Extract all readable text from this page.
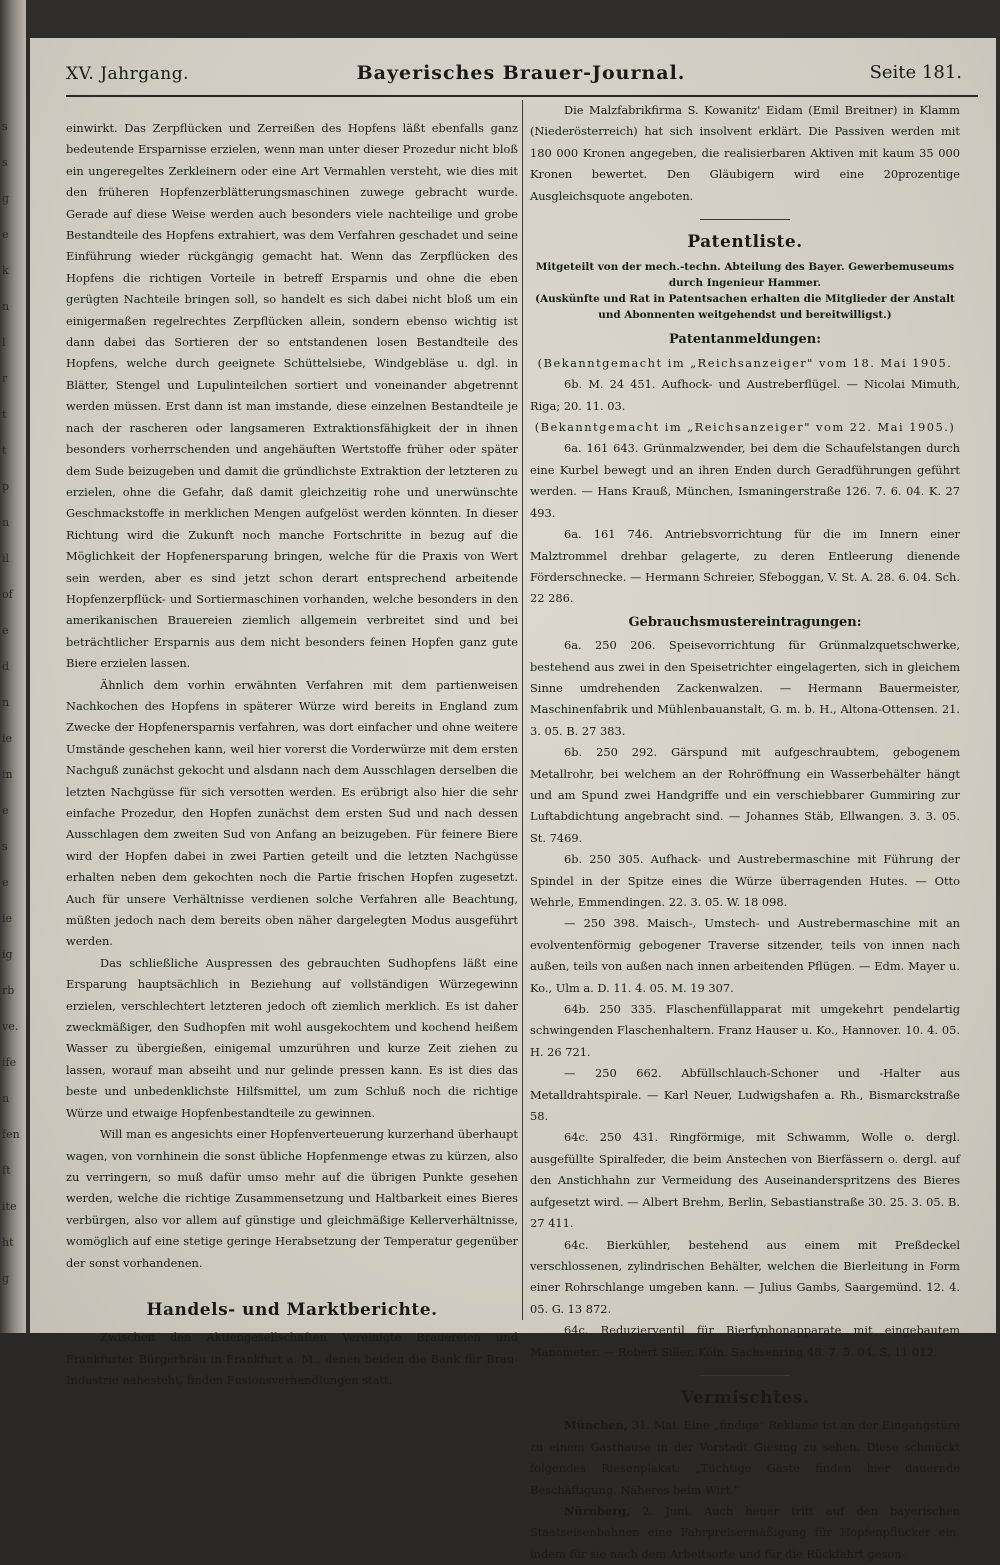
s
s
g
e
k
n
l
r
t
t
p
n
il
of
e
d
n
ie
in
e
s
e
ie
ig
rb
ve.
ife
n
fen
ft
ite
ht
g
XV. Jahrgang.	Bayerisches Brauer-Journal.	Seite 181.

einwirkt. Das Zerpflücken und Zerreißen des Hopfens läßt ebenfalls ganz bedeutende Ersparnisse erzielen, wenn man unter dieser Prozedur nicht bloß ein ungeregeltes Zerkleinern oder eine Art Vermahlen versteht, wie dies mit den früheren Hopfenzerblätterungsmaschinen zuwege gebracht wurde. Gerade auf diese Weise werden auch besonders viele nachteilige und grobe Bestandteile des Hopfens extrahiert, was dem Verfahren geschadet und seine Einführung wieder rückgängig gemacht hat. Wenn das Zerpflücken des Hopfens die richtigen Vorteile in betreff Ersparnis und ohne die eben gerügten Nachteile bringen soll, so handelt es sich dabei nicht bloß um ein einigermaßen regelrechtes Zerpflücken allein, sondern ebenso wichtig ist dann dabei das Sortieren der so entstandenen losen Bestandteile des Hopfens, welche durch geeignete Schüttelsiebe, Windgebläse u. dgl. in Blätter, Stengel und Lupulinteilchen sortiert und voneinander abgetrennt werden müssen. Erst dann ist man imstande, diese einzelnen Bestandteile je nach der rascheren oder langsameren Extraktionsfähigkeit der in ihnen besonders vorherrschenden und angehäuften Wertstoffe früher oder später dem Sude beizugeben und damit die gründlichste Extraktion der letzteren zu erzielen, ohne die Gefahr, daß damit gleichzeitig rohe und unerwünschte Geschmackstoffe in merklichen Mengen aufgelöst werden könnten. In dieser Richtung wird die Zukunft noch manche Fortschritte in bezug auf die Möglichkeit der Hopfenersparung bringen, welche für die Praxis von Wert sein werden, aber es sind jetzt schon derart entsprechend arbeitende Hopfenzerpflück- und Sortiermaschinen vorhanden, welche besonders in den amerikanischen Brauereien ziemlich allgemein verbreitet sind und bei beträchtlicher Ersparnis aus dem nicht besonders feinen Hopfen ganz gute Biere erzielen lassen.

Ähnlich dem vorhin erwähnten Verfahren mit dem partienweisen Nachkochen des Hopfens in späterer Würze wird bereits in England zum Zwecke der Hopfenersparnis verfahren, was dort einfacher und ohne weitere Umstände geschehen kann, weil hier vorerst die Vorderwürze mit dem ersten Nachguß zunächst gekocht und alsdann nach dem Ausschlagen derselben die letzten Nachgüsse für sich versotten werden. Es erübrigt also hier die sehr einfache Prozedur, den Hopfen zunächst dem ersten Sud und nach dessen Ausschlagen dem zweiten Sud von Anfang an beizugeben. Für feinere Biere wird der Hopfen dabei in zwei Partien geteilt und die letzten Nachgüsse erhalten neben dem gekochten noch die Partie frischen Hopfen zugesetzt. Auch für unsere Verhältnisse verdienen solche Verfahren alle Beachtung, müßten jedoch nach dem bereits oben näher dargelegten Modus ausgeführt werden.

Das schließliche Auspressen des gebrauchten Sudhopfens läßt eine Ersparung hauptsächlich in Beziehung auf vollständigen Würzegewinn erzielen, verschlechtert letzteren jedoch oft ziemlich merklich. Es ist daher zweckmäßiger, den Sudhopfen mit wohl ausgekochtem und kochend heißem Wasser zu übergießen, einigemal umzurühren und kurze Zeit ziehen zu lassen, worauf man abseiht und nur gelinde pressen kann. Es ist dies das beste und unbedenklichste Hilfsmittel, um zum Schluß noch die richtige Würze und etwaige Hopfenbestandteile zu gewinnen.

Will man es angesichts einer Hopfenverteuerung kurzerhand überhaupt wagen, von vornhinein die sonst übliche Hopfenmenge etwas zu kürzen, also zu verringern, so muß dafür umso mehr auf die übrigen Punkte gesehen werden, welche die richtige Zusammensetzung und Haltbarkeit eines Bieres verbürgen, also vor allem auf günstige und gleichmäßige Kellerverhältnisse, womöglich auf eine stetige geringe Herabsetzung der Temperatur gegenüber der sonst vorhandenen.

Handels- und Marktberichte.

Zwischen den Aktiengesellschaften Vereinigte Brauereien und Frankfurter Bürgerbräu in Frankfurt a. M., denen beiden die Bank für Brau-Industrie nahesteht, finden Fusionsverhandlungen statt.

Die Malzfabrikfirma S. Kowanitz' Eidam (Emil Breitner) in Klamm (Niederösterreich) hat sich insolvent erklärt. Die Passiven werden mit 180 000 Kronen angegeben, die realisierbaren Aktiven mit kaum 35 000 Kronen bewertet. Den Gläubigern wird eine 20prozentige Ausgleichsquote angeboten.

Patentliste.

Mitgeteilt von der mech.-techn. Abteilung des Bayer. Gewerbemuseums durch Ingenieur Hammer.

(Auskünfte und Rat in Patentsachen erhalten die Mitglieder der Anstalt und Abonnenten weitgehendst und bereitwilligst.)

Patentanmeldungen:

(Bekanntgemacht im „Reichsanzeiger" vom 18. Mai 1905.

6b. M. 24 451. Aufhock- und Austreberflügel. — Nicolai Mimuth, Riga; 20. 11. 03.

(Bekanntgemacht im „Reichsanzeiger" vom 22. Mai 1905.)

6a. 161 643. Grünmalzwender, bei dem die Schaufelstangen durch eine Kurbel bewegt und an ihren Enden durch Geradführungen geführt werden. — Hans Krauß, München, Ismaningerstraße 126. 7. 6. 04. K. 27 493.

6a. 161 746. Antriebsvorrichtung für die im Innern einer Malztrommel drehbar gelagerte, zu deren Entleerung dienende Förderschnecke. — Hermann Schreier, Sfeboggan, V. St. A. 28. 6. 04. Sch. 22 286.

Gebrauchsmustereintragungen:

6a. 250 206. Speisevorrichtung für Grünmalzquetschwerke, bestehend aus zwei in den Speisetrichter eingelagerten, sich in gleichem Sinne umdrehenden Zackenwalzen. — Hermann Bauermeister, Maschinenfabrik und Mühlenbauanstalt, G. m. b. H., Altona-Ottensen. 21. 3. 05. B. 27 383.

6b. 250 292. Gärspund mit aufgeschraubtem, gebogenem Metallrohr, bei welchem an der Rohröffnung ein Wasserbehälter hängt und am Spund zwei Handgriffe und ein verschiebbarer Gummiring zur Luftabdichtung angebracht sind. — Johannes Stäb, Ellwangen. 3. 3. 05. St. 7469.

6b. 250 305. Aufhack- und Austrebermaschine mit Führung der Spindel in der Spitze eines die Würze überragenden Hutes. — Otto Wehrle, Emmendingen. 22. 3. 05. W. 18 098.

— 250 398. Maisch-, Umstech- und Austrebermaschine mit an evolventenförmig gebogener Traverse sitzender, teils von innen nach außen, teils von außen nach innen arbeitenden Pflügen. — Edm. Mayer u. Ko., Ulm a. D. 11. 4. 05. M. 19 307.

64b. 250 335. Flaschenfüllapparat mit umgekehrt pendelartig schwingenden Flaschenhaltern. Franz Hauser u. Ko., Hannover. 10. 4. 05. H. 26 721.

— 250 662. Abfüllschlauch-Schoner und -Halter aus Metalldrahtspirale. — Karl Neuer, Ludwigshafen a. Rh., Bismarckstraße 58.

64c. 250 431. Ringförmige, mit Schwamm, Wolle o. dergl. ausgefüllte Spiralfeder, die beim Anstechen von Bierfässern o. dergl. auf den Anstichhahn zur Vermeidung des Auseinanderspritzens des Bieres aufgesetzt wird. — Albert Brehm, Berlin, Sebastianstraße 30. 25. 3. 05. B. 27 411.

64c. Bierkühler, bestehend aus einem mit Preßdeckel verschlossenen, zylindrischen Behälter, welchen die Bierleitung in Form einer Rohrschlange umgeben kann. — Julius Gambs, Saargemünd. 12. 4. 05. G. 13 872.

64c. Reduzierventil für Bierfyphonapparate mit eingebautem Manometer. — Robert Siller, Köln, Sachsenring 48. 7. 5. 04. S. 11 012.

Vermischtes.

München, 31. Mai. Eine „findige" Reklame ist an der Eingangstüre zu einem Gasthause in der Vorstadt Giesing zu sehen. Diese schmückt folgendes Riesenplakat: „Tüchtige Gäste finden hier dauernde Beschäftigung. Näheres beim Wirt."

Nürnberg, 2. Juni. Auch heuer tritt auf den bayerischen Staatseisenbahnen eine Fahrpreisermäßigung für Hopfenpflücker ein, indem für sie nach dem Arbeitsorte und für die Rückfahrt geson-
